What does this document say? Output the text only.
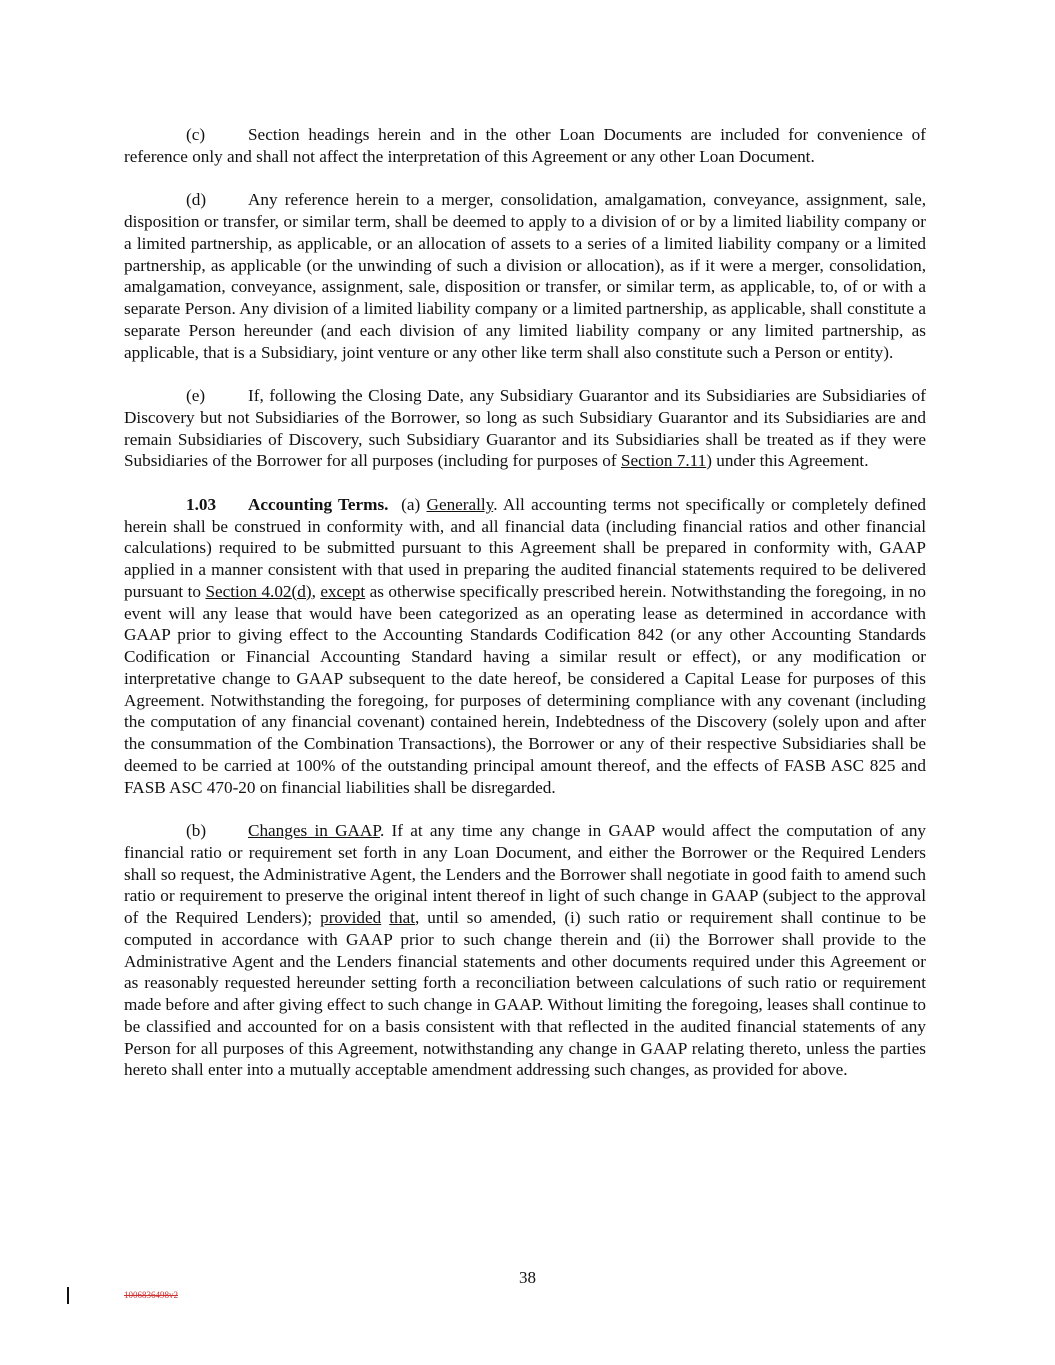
(c) Section headings herein and in the other Loan Documents are included for convenience of reference only and shall not affect the interpretation of this Agreement or any other Loan Document.

(d) Any reference herein to a merger, consolidation, amalgamation, conveyance, assignment, sale, disposition or transfer, or similar term, shall be deemed to apply to a division of or by a limited liability company or a limited partnership, as applicable, or an allocation of assets to a series of a limited liability company or a limited partnership, as applicable (or the unwinding of such a division or allocation), as if it were a merger, consolidation, amalgamation, conveyance, assignment, sale, disposition or transfer, or similar term, as applicable, to, of or with a separate Person. Any division of a limited liability company or a limited partnership, as applicable, shall constitute a separate Person hereunder (and each division of any limited liability company or any limited partnership, as applicable, that is a Subsidiary, joint venture or any other like term shall also constitute such a Person or entity).

(e) If, following the Closing Date, any Subsidiary Guarantor and its Subsidiaries are Subsidiaries of Discovery but not Subsidiaries of the Borrower, so long as such Subsidiary Guarantor and its Subsidiaries are and remain Subsidiaries of Discovery, such Subsidiary Guarantor and its Subsidiaries shall be treated as if they were Subsidiaries of the Borrower for all purposes (including for purposes of Section 7.11) under this Agreement.

1.03 Accounting Terms. (a) Generally. All accounting terms not specifically or completely defined herein shall be construed in conformity with, and all financial data (including financial ratios and other financial calculations) required to be submitted pursuant to this Agreement shall be prepared in conformity with, GAAP applied in a manner consistent with that used in preparing the audited financial statements required to be delivered pursuant to Section 4.02(d), except as otherwise specifically prescribed herein. Notwithstanding the foregoing, in no event will any lease that would have been categorized as an operating lease as determined in accordance with GAAP prior to giving effect to the Accounting Standards Codification 842 (or any other Accounting Standards Codification or Financial Accounting Standard having a similar result or effect), or any modification or interpretative change to GAAP subsequent to the date hereof, be considered a Capital Lease for purposes of this Agreement. Notwithstanding the foregoing, for purposes of determining compliance with any covenant (including the computation of any financial covenant) contained herein, Indebtedness of the Discovery (solely upon and after the consummation of the Combination Transactions), the Borrower or any of their respective Subsidiaries shall be deemed to be carried at 100% of the outstanding principal amount thereof, and the effects of FASB ASC 825 and FASB ASC 470-20 on financial liabilities shall be disregarded.

(b) Changes in GAAP. If at any time any change in GAAP would affect the computation of any financial ratio or requirement set forth in any Loan Document, and either the Borrower or the Required Lenders shall so request, the Administrative Agent, the Lenders and the Borrower shall negotiate in good faith to amend such ratio or requirement to preserve the original intent thereof in light of such change in GAAP (subject to the approval of the Required Lenders); provided that, until so amended, (i) such ratio or requirement shall continue to be computed in accordance with GAAP prior to such change therein and (ii) the Borrower shall provide to the Administrative Agent and the Lenders financial statements and other documents required under this Agreement or as reasonably requested hereunder setting forth a reconciliation between calculations of such ratio or requirement made before and after giving effect to such change in GAAP. Without limiting the foregoing, leases shall continue to be classified and accounted for on a basis consistent with that reflected in the audited financial statements of any Person for all purposes of this Agreement, notwithstanding any change in GAAP relating thereto, unless the parties hereto shall enter into a mutually acceptable amendment addressing such changes, as provided for above.

38
1006836498v2
